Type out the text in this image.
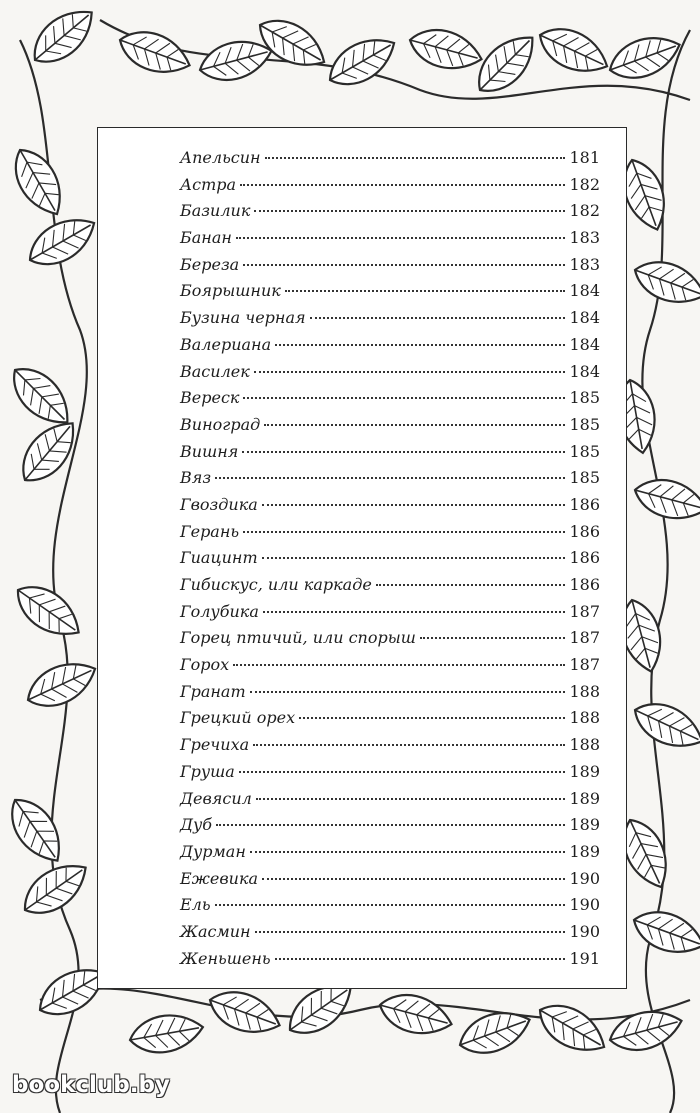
Апельсин	181
Астра	182
Базилик	182
Банан	183
Береза	183
Боярышник	184
Бузина черная	184
Валериана	184
Василек	184
Вереск	185
Виноград	185
Вишня	185
Вяз	185
Гвоздика	186
Герань	186
Гиацинт	186
Гибискус, или каркаде	186
Голубика	187
Горец птичий, или спорыш	187
Горох	187
Гранат	188
Грецкий орех	188
Гречиха	188
Груша	189
Девясил	189
Дуб	189
Дурман	189
Ежевика	190
Ель	190
Жасмин	190
Женьшень	191
bookclub.by
